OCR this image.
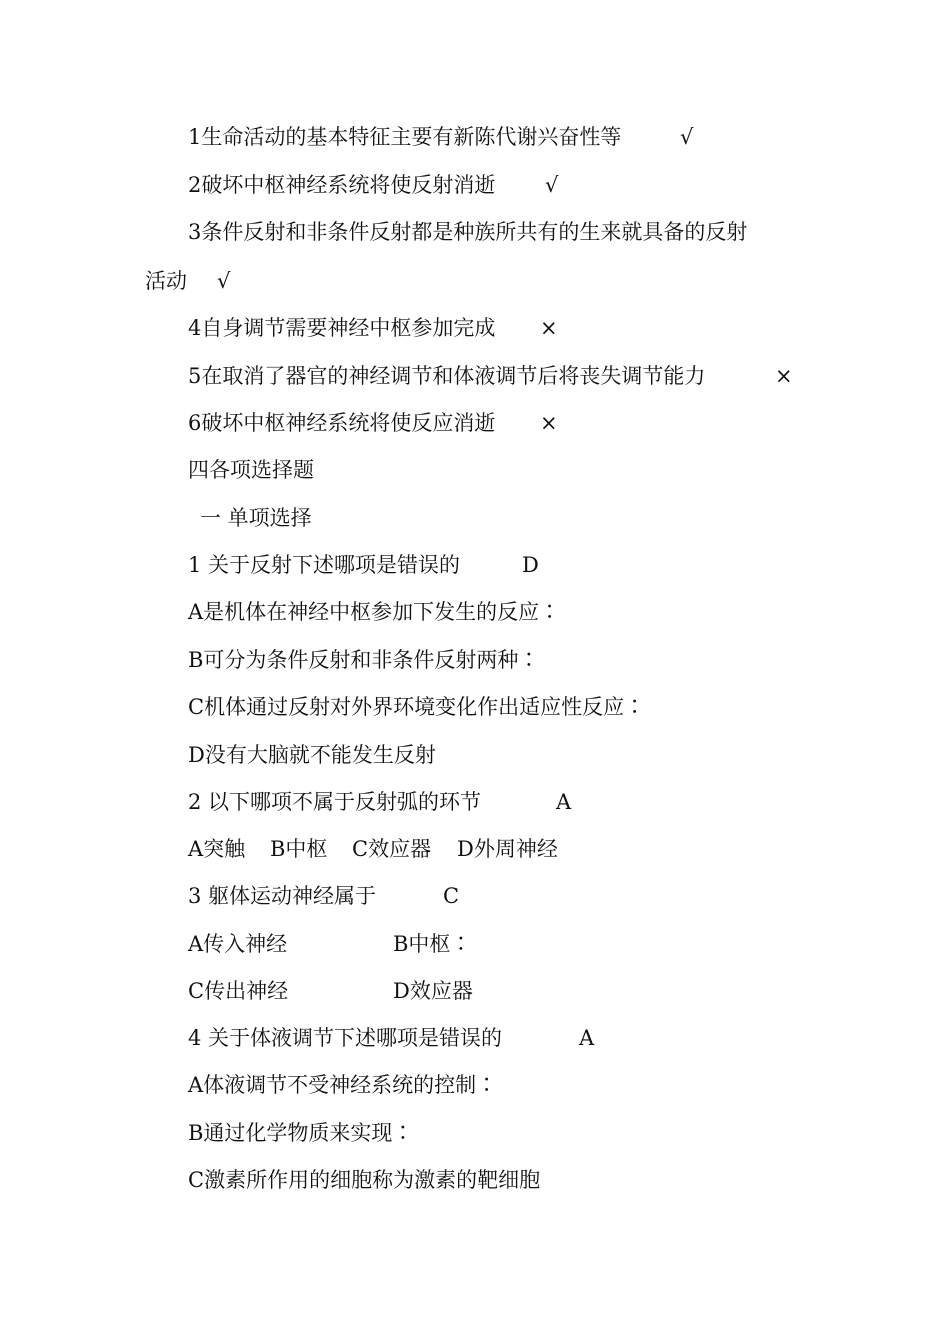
1生命活动的基本特征主要有新陈代谢兴奋性等	√
2破坏中枢神经系统将使反射消逝 √
3条件反射和非条件反射都是种族所共有的生来就具备的反射
活动 √
4自身调节需要神经中枢参加完成 ×
5在取消了器官的神经调节和体液调节后将丧失调节能力	×
6破坏中枢神经系统将使反应消逝 ×
四各项选择题
一 单项选择
1 关于反射下述哪项是错误的	D
A是机体在神经中枢参加下发生的反应∶
B可分为条件反射和非条件反射两种∶
C机体通过反射对外界环境变化作出适应性反应∶
D没有大脑就不能发生反射
2 以下哪项不属于反射弧的环节	A
A突触 B中枢 C效应器 D外周神经
3 躯体运动神经属于	C
A传入神经	B中枢∶
C传出神经	D效应器
4 关于体液调节下述哪项是错误的	A
A体液调节不受神经系统的控制∶
B通过化学物质来实现∶
C激素所作用的细胞称为激素的靶细胞
